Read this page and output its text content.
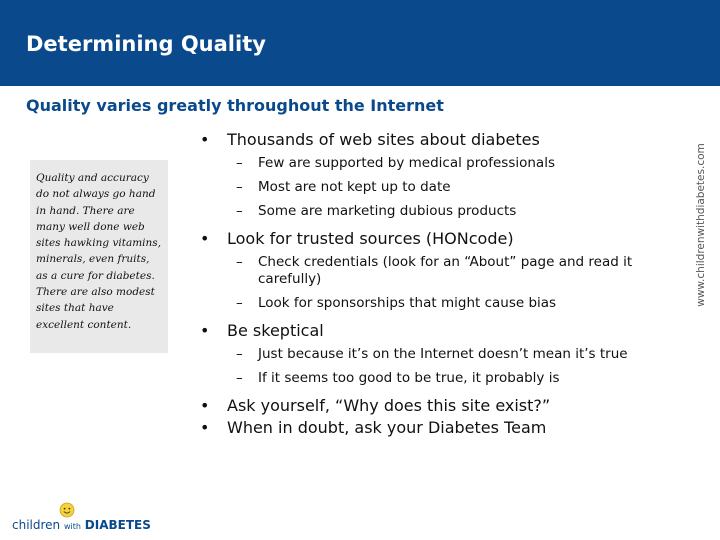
Determining Quality
Quality varies greatly throughout the Internet
Quality and accuracy do not always go hand in hand. There are many well done web sites hawking vitamins, minerals, even fruits, as a cure for diabetes. There are also modest sites that have excellent content.
• Thousands of web sites about diabetes
– Few are supported by medical professionals
– Most are not kept up to date
– Some are marketing dubious products
• Look for trusted sources (HONcode)
– Check credentials (look for an “About” page and read it carefully)
– Look for sponsorships that might cause bias
• Be skeptical
– Just because it’s on the Internet doesn’t mean it’s true
– If it seems too good to be true, it probably is
• Ask yourself, “Why does this site exist?”
• When in doubt, ask your Diabetes Team
www.childrenwithdiabetes.com
children with DIABETES
